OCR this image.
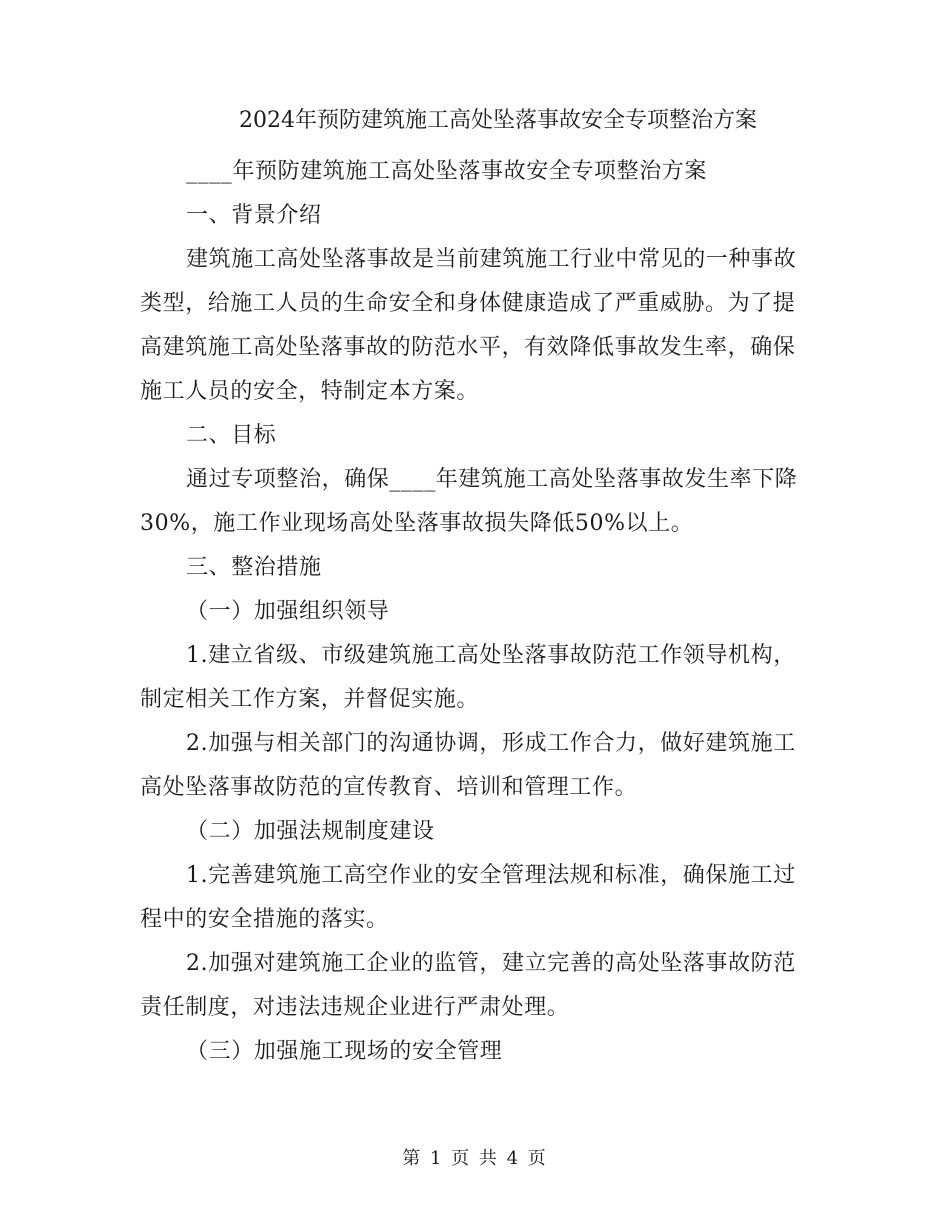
2024年预防建筑施工高处坠落事故安全专项整治方案

____年预防建筑施工高处坠落事故安全专项整治方案

一、背景介绍

建筑施工高处坠落事故是当前建筑施工行业中常见的一种事故类型，给施工人员的生命安全和身体健康造成了严重威胁。为了提高建筑施工高处坠落事故的防范水平，有效降低事故发生率，确保施工人员的安全，特制定本方案。

二、目标

通过专项整治，确保____年建筑施工高处坠落事故发生率下降30%，施工作业现场高处坠落事故损失降低50%以上。

三、整治措施

（一）加强组织领导

1.建立省级、市级建筑施工高处坠落事故防范工作领导机构，制定相关工作方案，并督促实施。

2.加强与相关部门的沟通协调，形成工作合力，做好建筑施工高处坠落事故防范的宣传教育、培训和管理工作。

（二）加强法规制度建设

1.完善建筑施工高空作业的安全管理法规和标准，确保施工过程中的安全措施的落实。

2.加强对建筑施工企业的监管，建立完善的高处坠落事故防范责任制度，对违法违规企业进行严肃处理。

（三）加强施工现场的安全管理

第 1 页 共 4 页
